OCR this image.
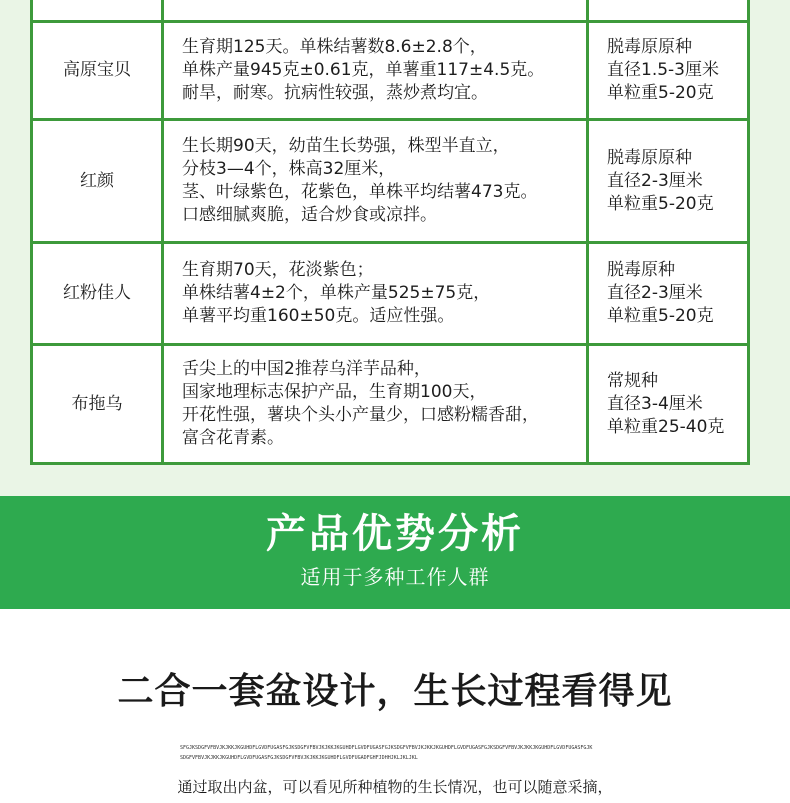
高原宝贝	生育期125天。单株结薯数8.6±2.8个，
单株产量945克±0.61克，单薯重117±4.5克。
耐旱，耐寒。抗病性较强，蒸炒煮均宜。	脱毒原原种
直径1.5-3厘米
单粒重5-20克

红颜	生长期90天，幼苗生长势强，株型半直立，
分枝3—4个，株高32厘米，
茎、叶绿紫色，花紫色，单株平均结薯473克。
口感细腻爽脆，适合炒食或凉拌。	脱毒原原种
直径2-3厘米
单粒重5-20克

红粉佳人	生育期70天，花淡紫色；
单株结薯4±2个，单株产量525±75克，
单薯平均重160±50克。适应性强。	脱毒原种
直径2-3厘米
单粒重5-20克

布拖乌	舌尖上的中国2推荐乌洋芋品种，
国家地理标志保护产品，生育期100天，
开花性强，薯块个头小产量少，口感粉糯香甜，
富含花青素。	常规种
直径3-4厘米
单粒重25-40克
产品优势分析
适用于多种工作人群
二合一套盆设计，生长过程看得见
SFGJKSDGFVFBVJKJKKJKGUHDFLGVDFUGASFGJKSDGFVFBVJKJKKJKGUHDFLGVDFUGASFGJKSDGFVFBVJKJKKJKGUHDFLGVDFUGASFGJKSDGFVFBVJKJKKJKGUHDFLGVDFUGASFGJK
SDGFVFBVJKJKKJKGUHDFLGVDFUGASFGJKSDGFVFBVJKJKKJKGUHDFLGVDFUGADFGHFJDHHJKLJKLJKL
通过取出内盆，可以看见所种植物的生长情况，也可以随意采摘，
